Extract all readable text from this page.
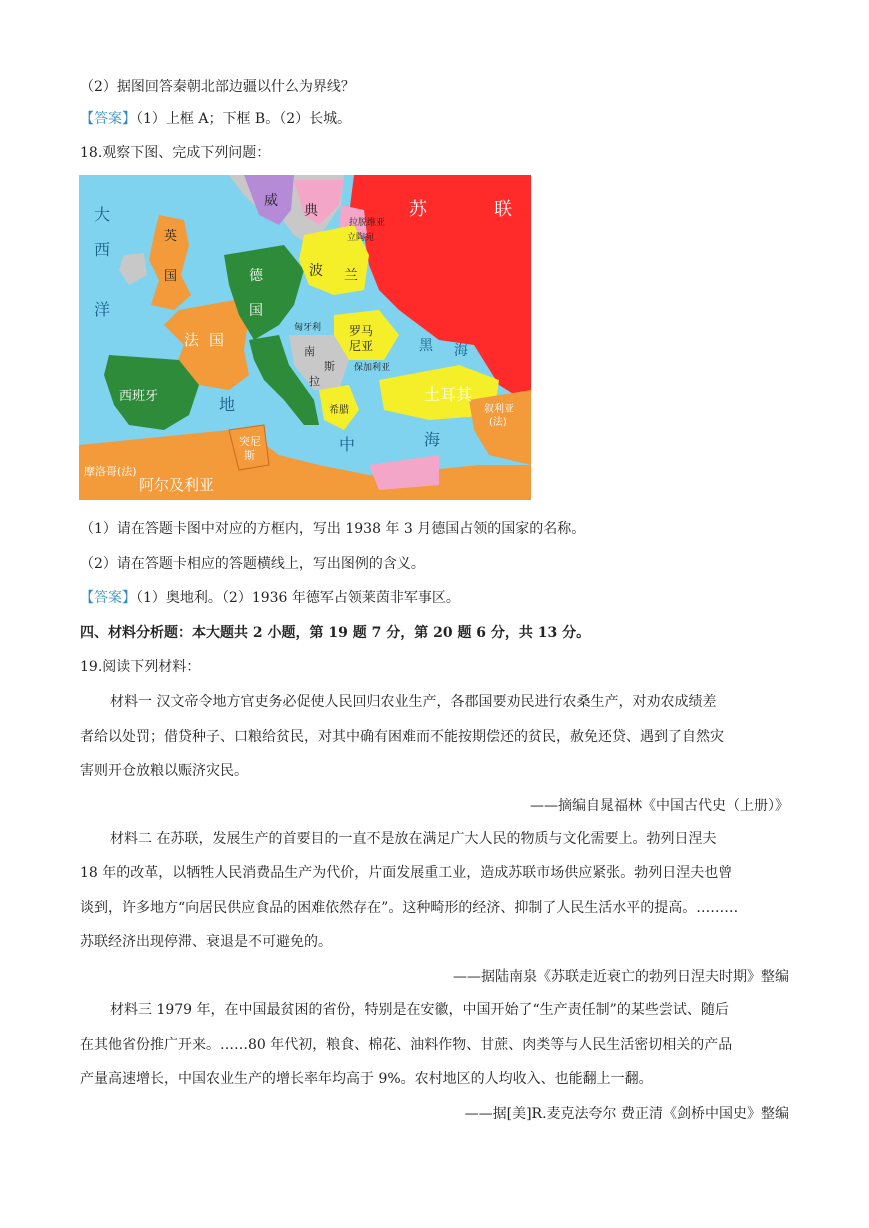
（2）据图回答秦朝北部边疆以什么为界线？
【答案】（1）上框 A；下框 B。（2）长城。
18.观察下图、完成下列问题：
大
西
洋
威
典	苏	联
英
国	德
国
波 兰
法 国	罗马
尼亚
西班牙	土耳其
阿尔及利亚
摩洛哥(法)
突尼
斯
叙利亚
(法)
南
斯
拉
黑 海
地
中	海
希腊
拉脱维亚
立陶宛
匈牙利
保加利亚
（1）请在答题卡图中对应的方框内，写出 1938 年 3 月德国占领的国家的名称。
（2）请在答题卡相应的答题横线上，写出图例的含义。
【答案】（1）奥地利。（2）1936 年德军占领莱茵非军事区。
四、材料分析题：本大题共 2 小题，第 19 题 7 分，第 20 题 6 分，共 13 分。
19.阅读下列材料：
材料一 汉文帝令地方官吏务必促使人民回归农业生产，各郡国要劝民进行农桑生产，对劝农成绩差
者给以处罚；借贷种子、口粮给贫民，对其中确有困难而不能按期偿还的贫民，赦免还贷、遇到了自然灾
害则开仓放粮以赈济灾民。
——摘编自晁福林《中国古代史（上册）》
材料二 在苏联，发展生产的首要目的一直不是放在满足广大人民的物质与文化需要上。勃列日涅夫
18 年的改革，以牺牲人民消费品生产为代价，片面发展重工业，造成苏联市场供应紧张。勃列日涅夫也曾
谈到，许多地方“向居民供应食品的困难依然存在”。这种畸形的经济、抑制了人民生活水平的提高。………
苏联经济出现停滞、衰退是不可避免的。
——据陆南泉《苏联走近衰亡的勃列日涅夫时期》整编
材料三 1979 年，在中国最贫困的省份，特别是在安徽，中国开始了“生产责任制”的某些尝试、随后
在其他省份推广开来。……80 年代初，粮食、棉花、油料作物、甘蔗、肉类等与人民生活密切相关的产品
产量高速增长，中国农业生产的增长率年均高于 9%。农村地区的人均收入、也能翻上一翻。
——据[美]R.麦克法夸尔 费正清《剑桥中国史》整编
